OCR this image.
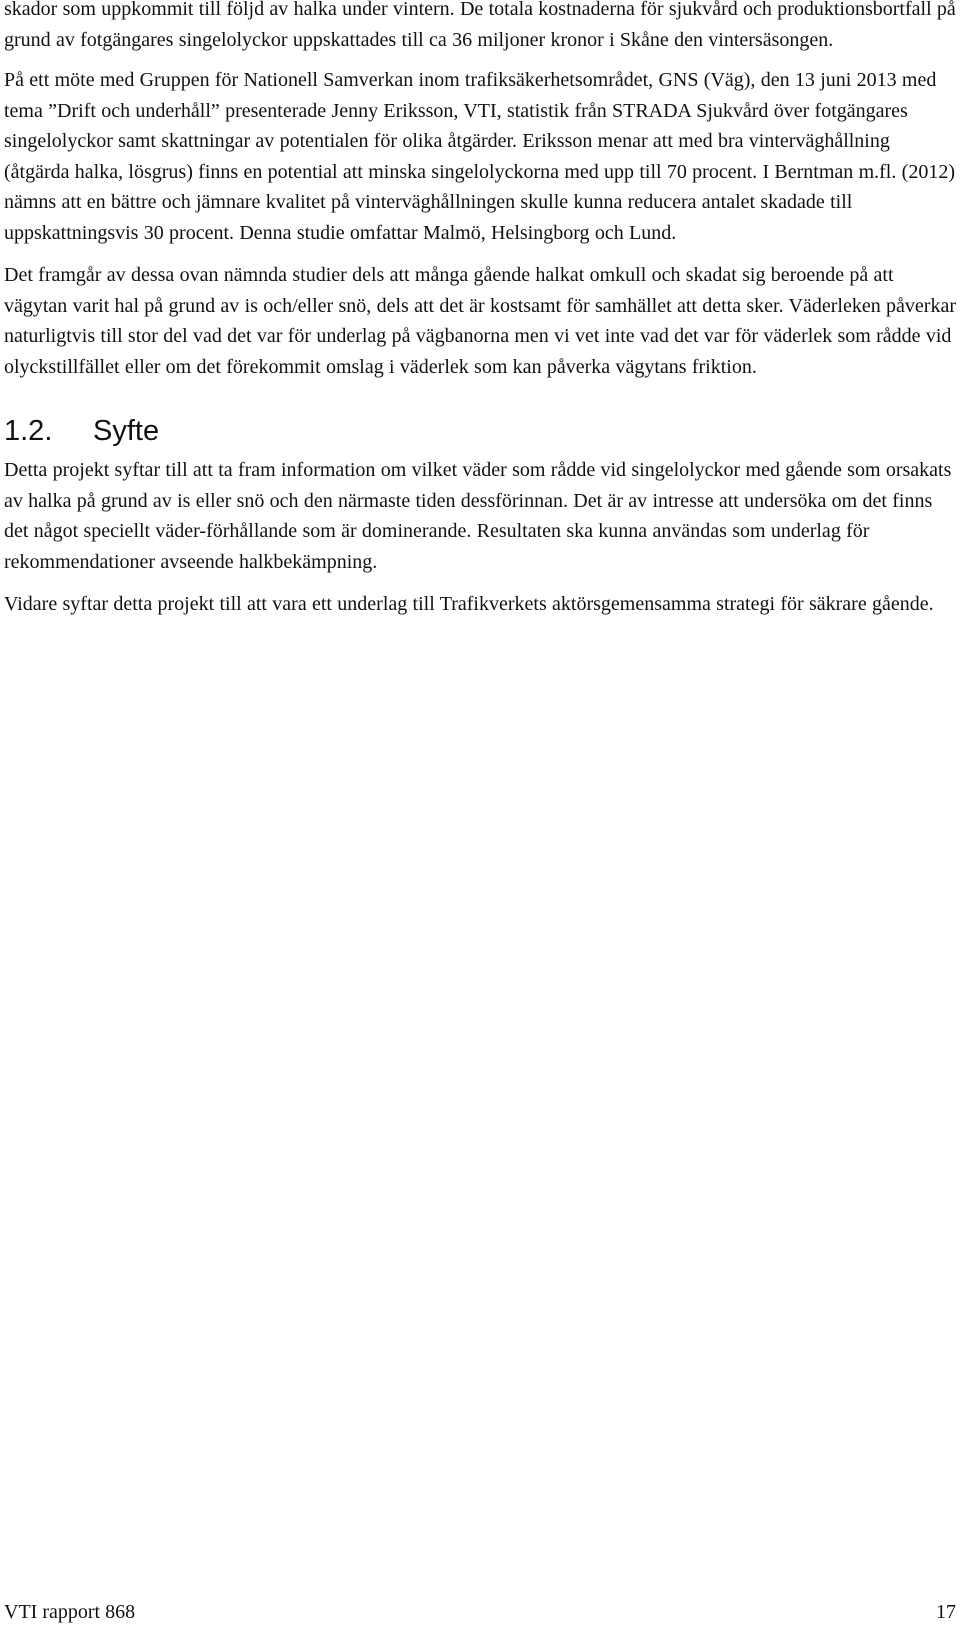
skador som uppkommit till följd av halka under vintern. De totala kostnaderna för sjukvård och produktionsbortfall på grund av fotgängares singelolyckor uppskattades till ca 36 miljoner kronor i Skåne den vintersäsongen.

På ett möte med Gruppen för Nationell Samverkan inom trafiksäkerhetsområdet, GNS (Väg), den 13 juni 2013 med tema ”Drift och underhåll” presenterade Jenny Eriksson, VTI, statistik från STRADA Sjukvård över fotgängares singelolyckor samt skattningar av potentialen för olika åtgärder. Eriksson menar att med bra vinterväghållning (åtgärda halka, lösgrus) finns en potential att minska singelolyckorna med upp till 70 procent. I Berntman m.fl. (2012) nämns att en bättre och jämnare kvalitet på vinterväghållningen skulle kunna reducera antalet skadade till uppskattningsvis 30 procent. Denna studie omfattar Malmö, Helsingborg och Lund.

Det framgår av dessa ovan nämnda studier dels att många gående halkat omkull och skadat sig beroende på att vägytan varit hal på grund av is och/eller snö, dels att det är kostsamt för samhället att detta sker. Väderleken påverkar naturligtvis till stor del vad det var för underlag på vägbanorna men vi vet inte vad det var för väderlek som rådde vid olyckstillfället eller om det förekommit omslag i väderlek som kan påverka vägytans friktion.

1.2.	Syfte

Detta projekt syftar till att ta fram information om vilket väder som rådde vid singelolyckor med gående som orsakats av halka på grund av is eller snö och den närmaste tiden dessförinnan. Det är av intresse att undersöka om det finns det något speciellt väder-förhållande som är dominerande. Resultaten ska kunna användas som underlag för rekommendationer avseende halkbekämpning.

Vidare syftar detta projekt till att vara ett underlag till Trafikverkets aktörsgemensamma strategi för säkrare gående.

VTI rapport 868	17
